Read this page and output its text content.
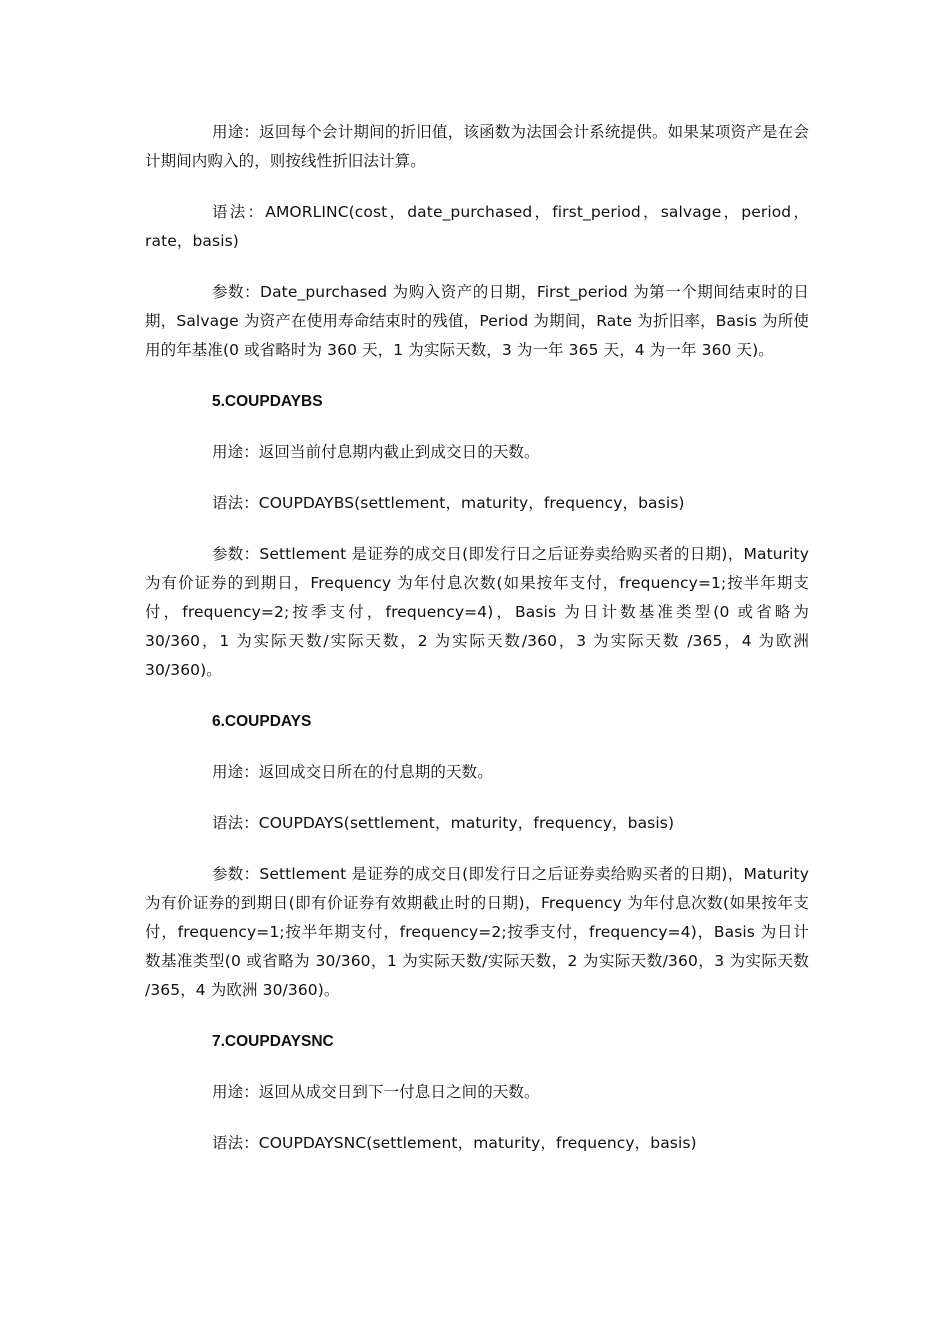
用途：返回每个会计期间的折旧值，该函数为法国会计系统提供。如果某项资产是在会计期间内购入的，则按线性折旧法计算。

语法：AMORLINC(cost，date_purchased，first_period，salvage，period，rate，basis)

参数：Date_purchased 为购入资产的日期，First_period 为第一个期间结束时的日期，Salvage 为资产在使用寿命结束时的残值，Period 为期间，Rate 为折旧率，Basis 为所使用的年基准(0 或省略时为 360 天，1 为实际天数，3 为一年 365 天，4 为一年 360 天)。

5.COUPDAYBS

用途：返回当前付息期内截止到成交日的天数。

语法：COUPDAYBS(settlement，maturity，frequency，basis)

参数：Settlement 是证券的成交日(即发行日之后证券卖给购买者的日期)，Maturity 为有价证券的到期日，Frequency 为年付息次数(如果按年支付，frequency=1;按半年期支付，frequency=2;按季支付，frequency=4)，Basis 为日计数基准类型(0 或省略为 30/360，1 为实际天数/实际天数，2 为实际天数/360，3 为实际天数 /365，4 为欧洲 30/360)。

6.COUPDAYS

用途：返回成交日所在的付息期的天数。

语法：COUPDAYS(settlement，maturity，frequency，basis)

参数：Settlement 是证券的成交日(即发行日之后证券卖给购买者的日期)，Maturity 为有价证券的到期日(即有价证券有效期截止时的日期)，Frequency 为年付息次数(如果按年支付，frequency=1;按半年期支付，frequency=2;按季支付，frequency=4)，Basis 为日计数基准类型(0 或省略为 30/360，1 为实际天数/实际天数，2 为实际天数/360，3 为实际天数 /365，4 为欧洲 30/360)。

7.COUPDAYSNC

用途：返回从成交日到下一付息日之间的天数。

语法：COUPDAYSNC(settlement，maturity，frequency，basis)
